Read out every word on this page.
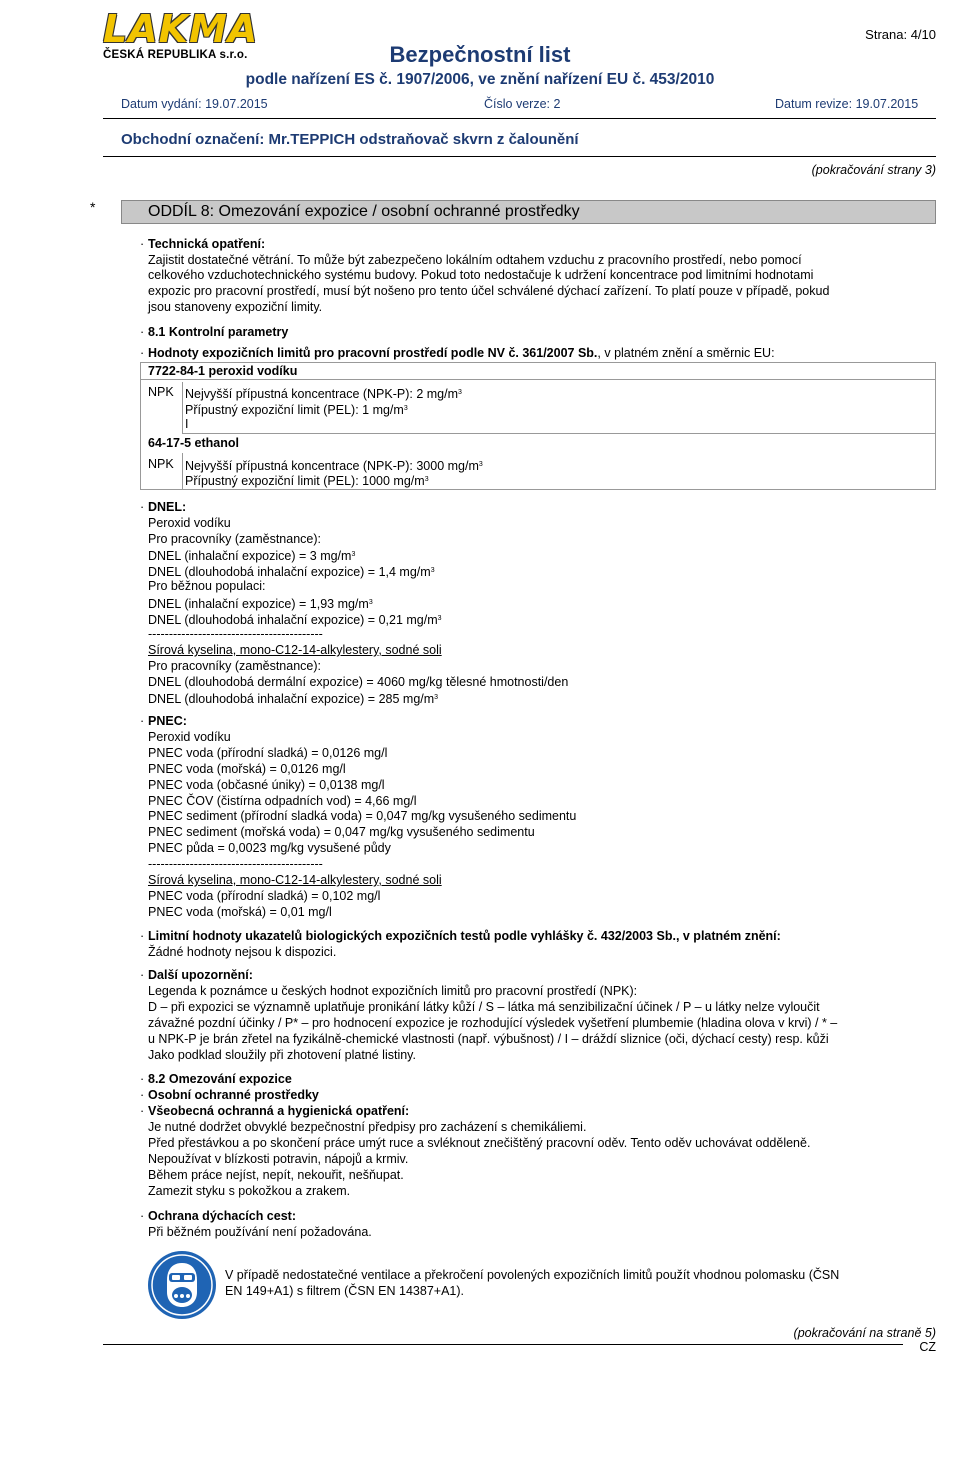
LAKMA
ČESKÁ REPUBLIKA s.r.o.
Strana: 4/10
Bezpečnostní list
podle nařízení ES č. 1907/2006, ve znění nařízení EU č. 453/2010
Datum vydání: 19.07.2015	Číslo verze: 2	Datum revize: 19.07.2015
Obchodní označení: Mr.TEPPICH odstraňovač skvrn z čalounění
(pokračování strany 3)
*	ODDÍL 8: Omezování expozice / osobní ochranné prostředky
· Technická opatření:
Zajistit dostatečné větrání. To může být zabezpečeno lokálním odtahem vzduchu z pracovního prostředí, nebo pomocí
celkového vzduchotechnického systému budovy. Pokud toto nedostačuje k udržení koncentrace pod limitními hodnotami
expozic pro pracovní prostředí, musí být nošeno pro tento účel schválené dýchací zařízení. To platí pouze v případě, pokud
jsou stanoveny expoziční limity.
· 8.1 Kontrolní parametry
· Hodnoty expozičních limitů pro pracovní prostředí podle NV č. 361/2007 Sb., v platném znění a směrnic EU:
7722-84-1 peroxid vodíku
NPK Nejvyšší přípustná koncentrace (NPK-P): 2 $mg/m^3$
Přípustný expoziční limit (PEL): 1 $mg/m^3$
I
64-17-5 ethanol
NPK Nejvyšší přípustná koncentrace (NPK-P): 3000 $mg/m^3$
Přípustný expoziční limit (PEL): 1000 $mg/m^3$
· DNEL:
Peroxid vodíku
Pro pracovníky (zaměstnance):
DNEL (inhalační expozice) = 3 $mg/m^3$
DNEL (dlouhodobá inhalační expozice) = 1,4 $mg/m^3$
Pro běžnou populaci:
DNEL (inhalační expozice) = 1,93 $mg/m^3$
DNEL (dlouhodobá inhalační expozice) = 0,21 $mg/m^3$
------------------------------------------
Sírová kyselina, mono-C12-14-alkylestery, sodné soli
Pro pracovníky (zaměstnance):
DNEL (dlouhodobá dermální expozice) = 4060 mg/kg tělesné hmotnosti/den
DNEL (dlouhodobá inhalační expozice) = 285 $mg/m^3$
· PNEC:
Peroxid vodíku
PNEC voda (přírodní sladká) = 0,0126 mg/l
PNEC voda (mořská) = 0,0126 mg/l
PNEC voda (občasné úniky) = 0,0138 mg/l
PNEC ČOV (čistírna odpadních vod) = 4,66 mg/l
PNEC sediment (přírodní sladká voda) = 0,047 mg/kg vysušeného sedimentu
PNEC sediment (mořská voda) = 0,047 mg/kg vysušeného sedimentu
PNEC půda = 0,0023 mg/kg vysušené půdy
------------------------------------------
Sírová kyselina, mono-C12-14-alkylestery, sodné soli
PNEC voda (přírodní sladká) = 0,102 mg/l
PNEC voda (mořská) = 0,01 mg/l
· Limitní hodnoty ukazatelů biologických expozičních testů podle vyhlášky č. 432/2003 Sb., v platném znění:
Žádné hodnoty nejsou k dispozici.
· Další upozornění:
Legenda k poznámce u českých hodnot expozičních limitů pro pracovní prostředí (NPK):
D – při expozici se významně uplatňuje pronikání látky kůží / S – látka má senzibilizační účinek / P – u látky nelze vyloučit
závažné pozdní účinky / P* – pro hodnocení expozice je rozhodující výsledek vyšetření plumbemie (hladina olova v krvi) / * –
u NPK-P je brán zřetel na fyzikálně-chemické vlastnosti (např. výbušnost) / I – dráždí sliznice (oči, dýchací cesty) resp. kůži
Jako podklad sloužily při zhotovení platné listiny.
· 8.2 Omezování expozice
· Osobní ochranné prostředky
· Všeobecná ochranná a hygienická opatření:
Je nutné dodržet obvyklé bezpečnostní předpisy pro zacházení s chemikáliemi.
Před přestávkou a po skončení práce umýt ruce a svléknout znečištěný pracovní oděv. Tento oděv uchovávat odděleně.
Nepoužívat v blízkosti potravin, nápojů a krmiv.
Během práce nejíst, nepít, nekouřit, nešňupat.
Zamezit styku s pokožkou a zrakem.
· Ochrana dýchacích cest:
Při běžném používání není požadována.
V případě nedostatečné ventilace a překročení povolených expozičních limitů použít vhodnou polomasku (ČSN
EN 149+A1) s filtrem (ČSN EN 14387+A1).
(pokračování na straně 5)
CZ
